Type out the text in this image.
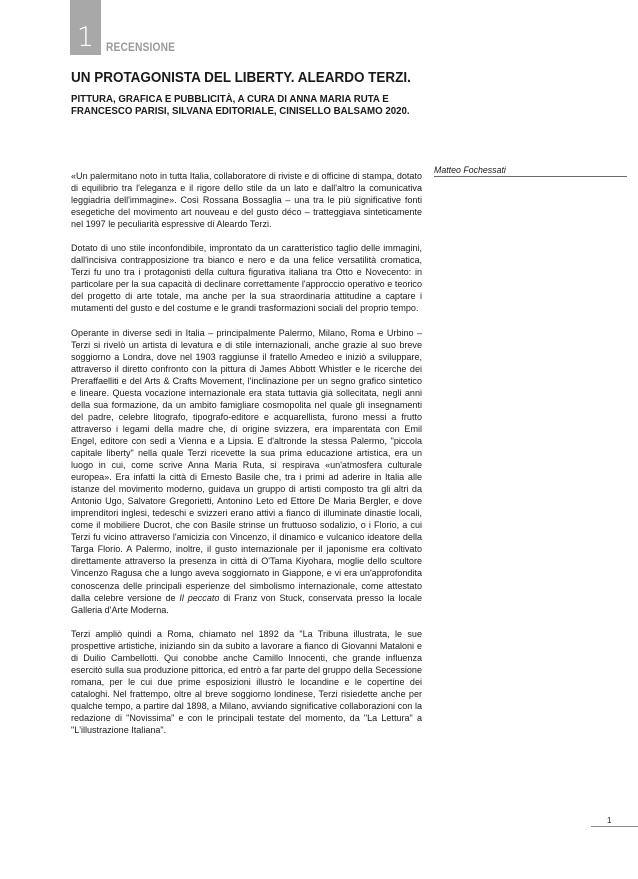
1 RECENSIONE
UN PROTAGONISTA DEL LIBERTY. ALEARDO TERZI.
PITTURA, GRAFICA E PUBBLICITÀ, A CURA DI ANNA MARIA RUTA E FRANCESCO PARISI, SILVANA EDITORIALE, CINISELLO BALSAMO 2020.
Matteo Fochessati

«Un palermitano noto in tutta Italia, collaboratore di riviste e di officine di stampa, dotato di equilibrio tra l'eleganza e il rigore dello stile da un lato e dall'altro la comunicativa leggiadria dell'immagine». Così Rossana Bossaglia – una tra le più significative fonti esegetiche del movimento art nouveau e del gusto déco – tratteggiava sinteticamente nel 1997 le peculiarità espressive di Aleardo Terzi.

Dotato di uno stile inconfondibile, improntato da un caratteristico taglio delle immagini, dall'incisiva contrapposizione tra bianco e nero e da una felice versatilità cromatica, Terzi fu uno tra i protagonisti della cultura figurativa italiana tra Otto e Novecento: in particolare per la sua capacità di declinare correttamente l'approccio operativo e teorico del progetto di arte totale, ma anche per la sua straordinaria attitudine a captare i mutamenti del gusto e del costume e le grandi trasformazioni sociali del proprio tempo.

Operante in diverse sedi in Italia – principalmente Palermo, Milano, Roma e Urbino – Terzi si rivelò un artista di levatura e di stile internazionali, anche grazie al suo breve soggiorno a Londra, dove nel 1903 raggiunse il fratello Amedeo e iniziò a sviluppare, attraverso il diretto confronto con la pittura di James Abbott Whistler e le ricerche dei Preraffaelliti e del Arts & Crafts Movement, l'inclinazione per un segno grafico sintetico e lineare. Questa vocazione internazionale era stata tuttavia già sollecitata, negli anni della sua formazione, da un ambito famigliare cosmopolita nel quale gli insegnamenti del padre, celebre litografo, tipografo-editore e acquarellista, furono messi a frutto attraverso i legami della madre che, di origine svizzera, era imparentata con Emil Engel, editore con sedi a Vienna e a Lipsia. E d'altronde la stessa Palermo, "piccola capitale liberty" nella quale Terzi ricevette la sua prima educazione artistica, era un luogo in cui, come scrive Anna Maria Ruta, si respirava «un'atmosfera culturale europea». Era infatti la città di Ernesto Basile che, tra i primi ad aderire in Italia alle istanze del movimento moderno, guidava un gruppo di artisti composto tra gli altri da Antonio Ugo, Salvatore Gregorietti, Antonino Leto ed Ettore De Maria Bergler, e dove imprenditori inglesi, tedeschi e svizzeri erano attivi a fianco di illuminate dinastie locali, come il mobiliere Ducrot, che con Basile strinse un fruttuoso sodalizio, o i Florio, a cui Terzi fu vicino attraverso l'amicizia con Vincenzo, il dinamico e vulcanico ideatore della Targa Florio. A Palermo, inoltre, il gusto internazionale per il japonisme era coltivato direttamente attraverso la presenza in città di O'Tama Kiyohara, moglie dello scultore Vincenzo Ragusa che a lungo aveva soggiornato in Giappone, e vi era un'approfondita conoscenza delle principali esperienze del simbolismo internazionale, come attestato dalla celebre versione de Il peccato di Franz von Stuck, conservata presso la locale Galleria d'Arte Moderna.

Terzi ampliò quindi a Roma, chiamato nel 1892 da "La Tribuna illustrata, le sue prospettive artistiche, iniziando sin da subito a lavorare a fianco di Giovanni Mataloni e di Duilio Cambellotti. Qui conobbe anche Camillo Innocenti, che grande influenza esercitò sulla sua produzione pittorica, ed entrò a far parte del gruppo della Secessione romana, per le cui due prime esposizioni illustrò le locandine e le copertine dei cataloghi. Nel frattempo, oltre al breve soggiorno londinese, Terzi risiedette anche per qualche tempo, a partire dal 1898, a Milano, avviando significative collaborazioni con la redazione di "Novissima" e con le principali testate del momento, da "La Lettura" a "L'illustrazione Italiana".

1
